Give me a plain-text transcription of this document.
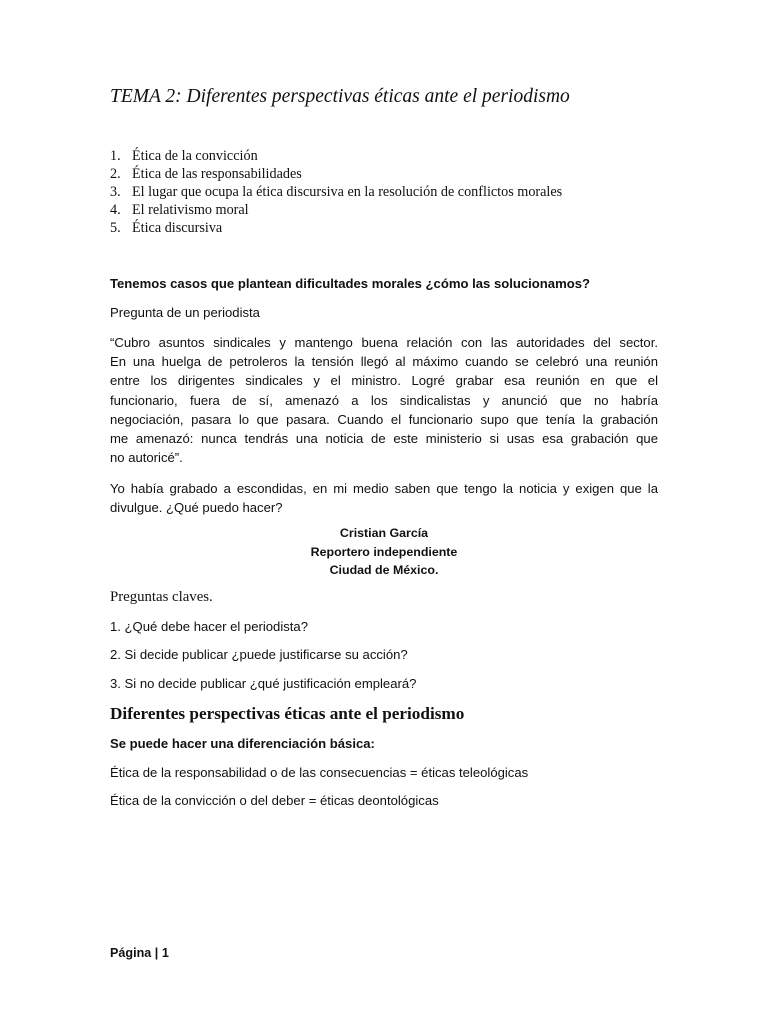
TEMA 2: Diferentes perspectivas éticas ante el periodismo
1. Ética de la convicción
2. Ética de las responsabilidades
3. El lugar que ocupa la ética discursiva en la resolución de conflictos morales
4. El relativismo moral
5. Ética discursiva
Tenemos casos que plantean dificultades morales ¿cómo las solucionamos?
Pregunta de un periodista
“Cubro asuntos sindicales y mantengo buena relación con las autoridades del sector.
En una huelga de petroleros la tensión llegó al máximo cuando se celebró una reunión
entre los dirigentes sindicales y el ministro. Logré grabar esa reunión en que el
funcionario, fuera de sí, amenazó a los sindicalistas y anunció que no habría
negociación, pasara lo que pasara. Cuando el funcionario supo que tenía la grabación
me amenazó: nunca tendrás una noticia de este ministerio si usas esa grabación que
no autoricé”.
Yo había grabado a escondidas, en mi medio saben que tengo la noticia y exigen que la
divulgue. ¿Qué puedo hacer?
Cristian García
Reportero independiente
Ciudad de México.
Preguntas claves.
1. ¿Qué debe hacer el periodista?
2. Si decide publicar ¿puede justificarse su acción?
3. Si no decide publicar ¿qué justificación empleará?
Diferentes perspectivas éticas ante el periodismo
Se puede hacer una diferenciación básica:
Ética de la responsabilidad o de las consecuencias = éticas teleológicas
Ética de la convicción o del deber = éticas deontológicas
Página | 1
